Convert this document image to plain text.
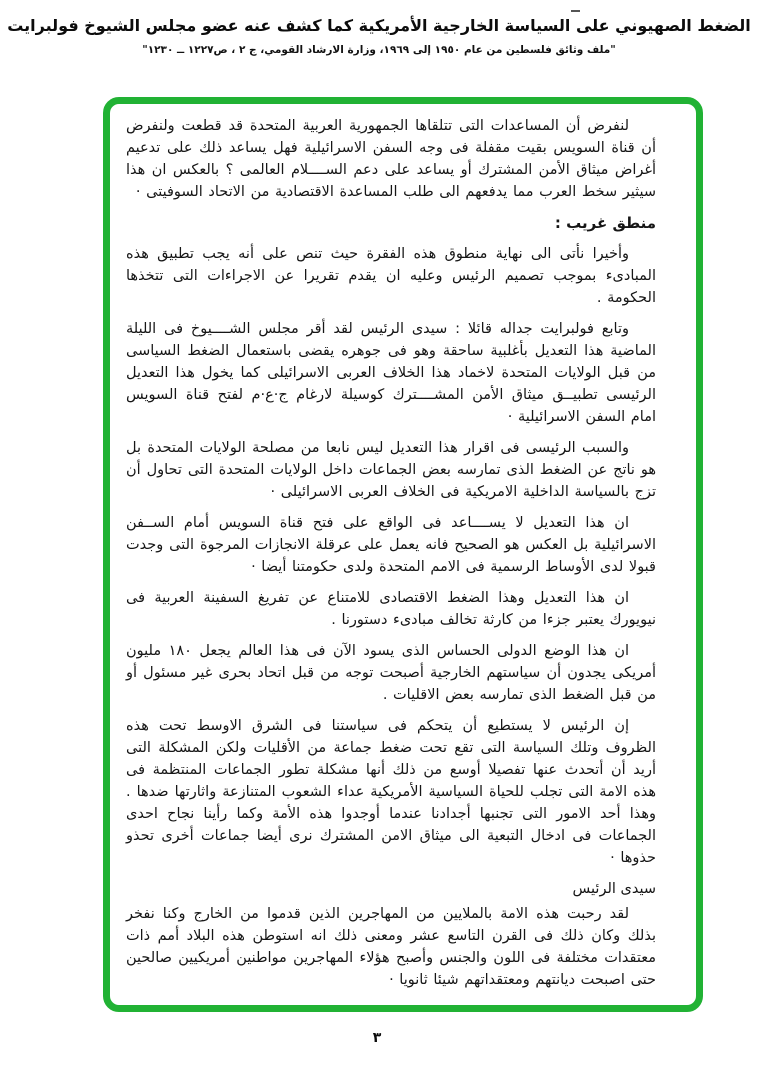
الضغط الصهيوني على السياسة الخارجية الأمريكية كما كشف عنه عضو مجلس الشيوخ فولبرايت
"ملف وثائق فلسطين من عام ١٩٥٠ إلى ١٩٦٩، وزارة الارشاد القومي، ج ٢ ، ص١٢٢٧ ــ ١٢٣٠"

لنفرض أن المساعدات التى تتلقاها الجمهورية العربية المتحدة قد قطعت ولنفرض أن قناة السويس بقيت مقفلة فى وجه السفن الاسرائيلية فهل يساعد ذلك على تدعيم أغراض ميثاق الأمن المشترك أو يساعد على دعم الســــلام العالمى ؟ بالعكس ان هذا سيثير سخط العرب مما يدفعهم الى طلب المساعدة الاقتصادية من الاتحاد السوفيتى ·

منطق غريب :

وأخيرا نأتى الى نهاية منطوق هذه الفقرة حيث تنص على أنه يجب تطبيق هذه المبادىء بموجب تصميم الرئيس وعليه ان يقدم تقريرا عن الاجراءات التى تتخذها الحكومة .

وتابع فولبرايت جداله قائلا : سيدى الرئيس لقد أقر مجلس الشــــيوخ فى الليلة الماضية هذا التعديل بأغلبية ساحقة وهو فى جوهره يقضى باستعمال الضغط السياسى من قبل الولايات المتحدة لاخماد هذا الخلاف العربى الاسرائيلى كما يخول هذا التعديل الرئيسى تطبيــق ميثاق الأمن المشــــترك كوسيلة لارغام ج·ع·م لفتح قناة السويس امام السفن الاسرائيلية ·

والسبب الرئيسى فى اقرار هذا التعديل ليس نابعا من مصلحة الولايات المتحدة بل هو ناتج عن الضغط الذى تمارسه بعض الجماعات داخل الولايات المتحدة التى تحاول أن تزج بالسياسة الداخلية الامريكية فى الخلاف العربى الاسرائيلى ·

ان هذا التعديل لا يســــاعد فى الواقع على فتح قناة السويس أمام الســفن الاسرائيلية بل العكس هو الصحيح فانه يعمل على عرقلة الانجازات المرجوة التى وجدت قبولا لدى الأوساط الرسمية فى الامم المتحدة ولدى حكومتنا أيضا ·

ان هذا التعديل وهذا الضغط الاقتصادى للامتناع عن تفريغ السفينة العربية فى نيويورك يعتبر جزءا من كارثة تخالف مبادىء دستورنا .

ان هذا الوضع الدولى الحساس الذى يسود الآن فى هذا العالم يجعل ١٨٠ مليون أمريكى يجدون أن سياستهم الخارجية أصبحت توجه من قبل اتحاد بحرى غير مسئول أو من قبل الضغط الذى تمارسه بعض الاقليات .

إن الرئيس لا يستطيع أن يتحكم فى سياستنا فى الشرق الاوسط تحت هذه الظروف وتلك السياسة التى تقع تحت ضغط جماعة من الأقليات ولكن المشكلة التى أريد أن أتحدث عنها تفصيلا أوسع من ذلك أنها مشكلة تطور الجماعات المنتظمة فى هذه الامة التى تجلب للحياة السياسية الأمريكية عداء الشعوب المتنازعة واثارتها ضدها . وهذا أحد الامور التى تجنبها أجدادنا عندما أوجدوا هذه الأمة وكما رأينا نجاح احدى الجماعات فى ادخال التبعية الى ميثاق الامن المشترك نرى أيضا جماعات أخرى تحذو حذوها ·

سيدى الرئيس

لقد رحبت هذه الامة بالملايين من المهاجرين الذين قدموا من الخارج وكنا نفخر بذلك وكان ذلك فى القرن التاسع عشر ومعنى ذلك انه استوطن هذه البلاد أمم ذات معتقدات مختلفة فى اللون والجنس وأصبح هؤلاء المهاجرين مواطنين أمريكيين صالحين حتى اصبحت ديانتهم ومعتقداتهم شيئا ثانويا ·

٣
